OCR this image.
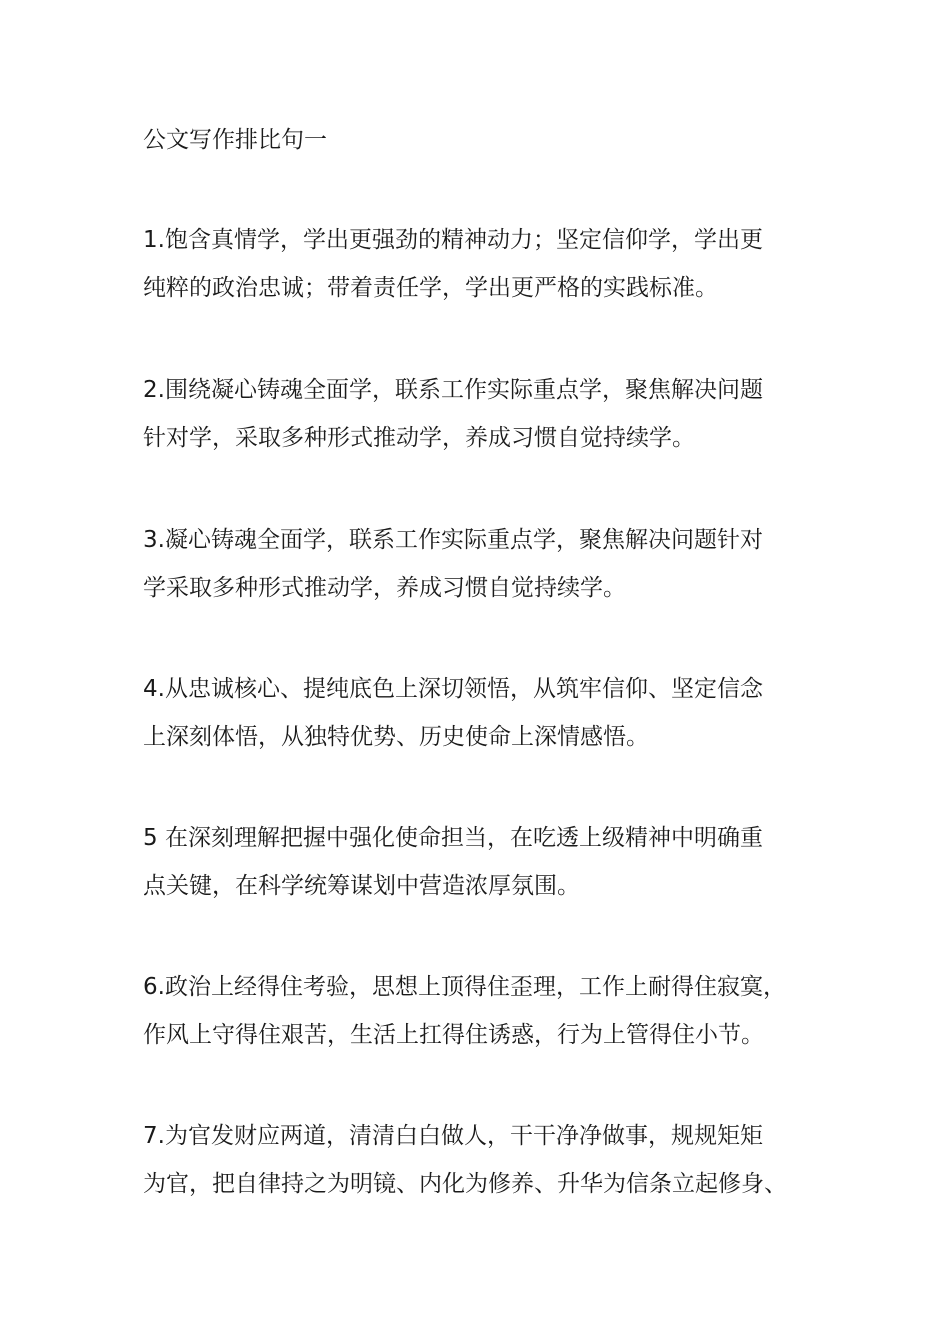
公文写作排比句一
1.饱含真情学，学出更强劲的精神动力；坚定信仰学，学出更
纯粹的政治忠诚；带着责任学，学出更严格的实践标准。
2.围绕凝心铸魂全面学，联系工作实际重点学，聚焦解决问题
针对学，采取多种形式推动学，养成习惯自觉持续学。
3.凝心铸魂全面学，联系工作实际重点学，聚焦解决问题针对
学采取多种形式推动学，养成习惯自觉持续学。
4.从忠诚核心、提纯底色上深切领悟，从筑牢信仰、坚定信念
上深刻体悟，从独特优势、历史使命上深情感悟。
5 在深刻理解把握中强化使命担当，在吃透上级精神中明确重
点关键，在科学统筹谋划中营造浓厚氛围。
6.政治上经得住考验，思想上顶得住歪理，工作上耐得住寂寞，
作风上守得住艰苦，生活上扛得住诱惑，行为上管得住小节。
7.为官发财应两道，清清白白做人，干干净净做事，规规矩矩
为官，把自律持之为明镜、内化为修养、升华为信条立起修身、
